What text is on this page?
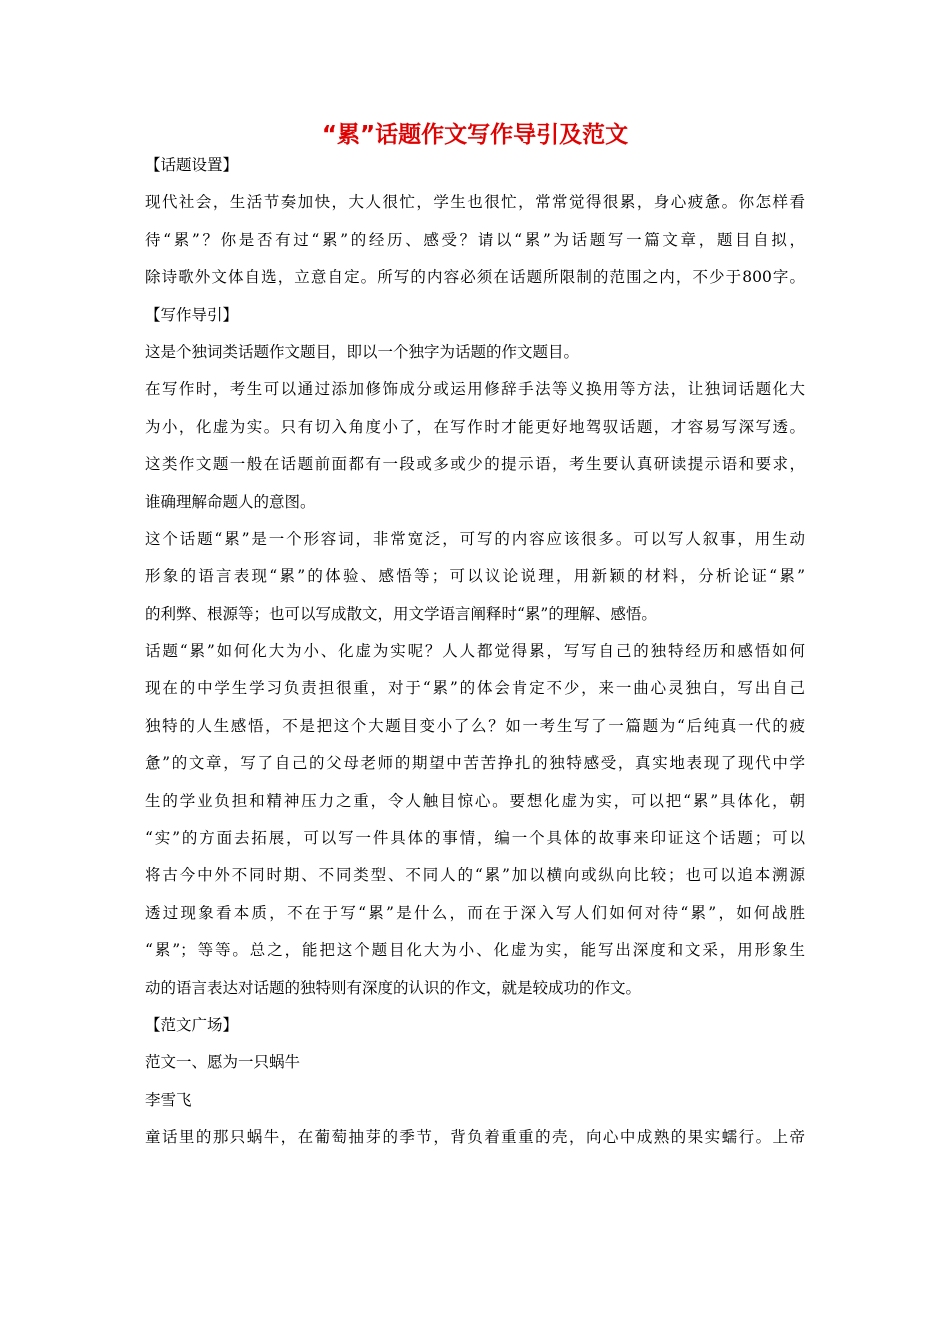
“累”话题作文写作导引及范文
【话题设置】
现代社会，生活节奏加快，大人很忙，学生也很忙，常常觉得很累，身心疲惫。你怎样看
待“累”？你是否有过“累”的经历、感受？请以“累”为话题写一篇文章，题目自拟，
除诗歌外文体自选，立意自定。所写的内容必须在话题所限制的范围之内，不少于800字。
【写作导引】
这是个独词类话题作文题目，即以一个独字为话题的作文题目。
在写作时，考生可以通过添加修饰成分或运用修辞手法等义换用等方法，让独词话题化大
为小，化虚为实。只有切入角度小了，在写作时才能更好地驾驭话题，才容易写深写透。
这类作文题一般在话题前面都有一段或多或少的提示语，考生要认真研读提示语和要求，
谁确理解命题人的意图。
这个话题“累”是一个形容词，非常宽泛，可写的内容应该很多。可以写人叙事，用生动
形象的语言表现“累”的体验、感悟等；可以议论说理，用新颖的材料，分析论证“累”
的利弊、根源等；也可以写成散文，用文学语言阐释时“累”的理解、感悟。
话题“累”如何化大为小、化虚为实呢？人人都觉得累，写写自己的独特经历和感悟如何
现在的中学生学习负责担很重，对于“累”的体会肯定不少，来一曲心灵独白，写出自己
独特的人生感悟，不是把这个大题目变小了么？如一考生写了一篇题为“后纯真一代的疲
惫”的文章，写了自己的父母老师的期望中苦苦挣扎的独特感受，真实地表现了现代中学
生的学业负担和精神压力之重，令人触目惊心。要想化虚为实，可以把“累”具体化，朝
“实”的方面去拓展，可以写一件具体的事情，编一个具体的故事来印证这个话题；可以
将古今中外不同时期、不同类型、不同人的“累”加以横向或纵向比较；也可以追本溯源
透过现象看本质，不在于写“累”是什么，而在于深入写人们如何对待“累”，如何战胜
“累”；等等。总之，能把这个题目化大为小、化虚为实，能写出深度和文采，用形象生
动的语言表达对话题的独特则有深度的认识的作文，就是较成功的作文。
【范文广场】
范文一、愿为一只蜗牛
李雪飞
童话里的那只蜗牛，在葡萄抽芽的季节，背负着重重的壳，向心中成熟的果实蠕行。上帝
